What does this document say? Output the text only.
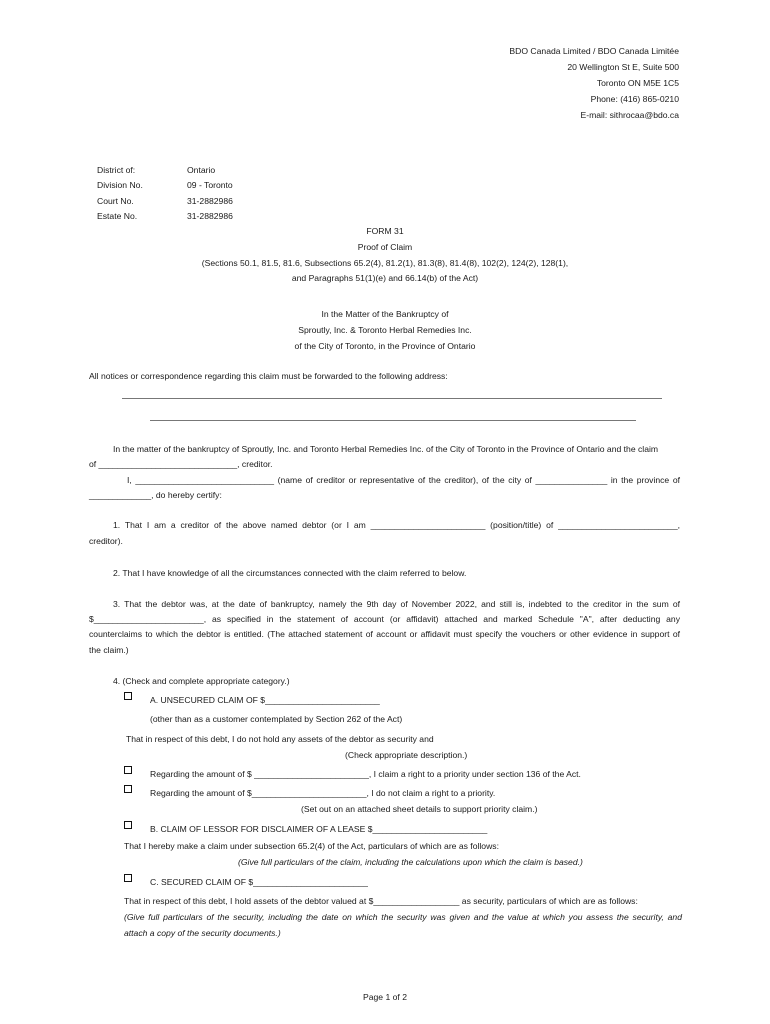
BDO Canada Limited / BDO Canada Limitée
20 Wellington St E, Suite 500
Toronto ON M5E 1C5
Phone: (416) 865-0210
E-mail: sithrocaa@bdo.ca
District of:	Ontario
Division No.	09 - Toronto
Court No.	31-2882986
Estate No.	31-2882986
FORM 31
Proof of Claim
(Sections 50.1, 81.5, 81.6, Subsections 65.2(4), 81.2(1), 81.3(8), 81.4(8), 102(2), 124(2), 128(1),
and Paragraphs 51(1)(e) and 66.14(b) of the Act)
In the Matter of the Bankruptcy of
Sproutly, Inc. & Toronto Herbal Remedies Inc.
of the City of Toronto, in the Province of Ontario
All notices or correspondence regarding this claim must be forwarded to the following address:
In the matter of the bankruptcy of Sproutly, Inc. and Toronto Herbal Remedies Inc. of the City of Toronto in the Province of Ontario and the claim
of _____________________________, creditor.
I, _____________________________ (name of creditor or representative of the creditor), of the city of _______________ in the province of
_____________, do hereby certify:
1. That I am a creditor of the above named debtor (or I am ________________________ (position/title) of _________________________,
creditor).
2. That I have knowledge of all the circumstances connected with the claim referred to below.
3. That the debtor was, at the date of bankruptcy, namely the 9th day of November 2022, and still is, indebted to the creditor in the sum of
$_______________________, as specified in the statement of account (or affidavit) attached and marked Schedule "A", after deducting any
counterclaims to which the debtor is entitled. (The attached statement of account or affidavit must specify the vouchers or other evidence in support of
the claim.)
4. (Check and complete appropriate category.)
A. UNSECURED CLAIM OF $________________________
(other than as a customer contemplated by Section 262 of the Act)
That in respect of this debt, I do not hold any assets of the debtor as security and
(Check appropriate description.)
Regarding the amount of $ ________________________, I claim a right to a priority under section 136 of the Act.
Regarding the amount of $________________________, I do not claim a right to a priority.
(Set out on an attached sheet details to support priority claim.)
B. CLAIM OF LESSOR FOR DISCLAIMER OF A LEASE $________________________
That I hereby make a claim under subsection 65.2(4) of the Act, particulars of which are as follows:
(Give full particulars of the claim, including the calculations upon which the claim is based.)
C. SECURED CLAIM OF $________________________
That in respect of this debt, I hold assets of the debtor valued at $__________________ as security, particulars of which are as follows:
(Give full particulars of the security, including the date on which the security was given and the value at which you assess the security, and
attach a copy of the security documents.)
Page 1 of 2
